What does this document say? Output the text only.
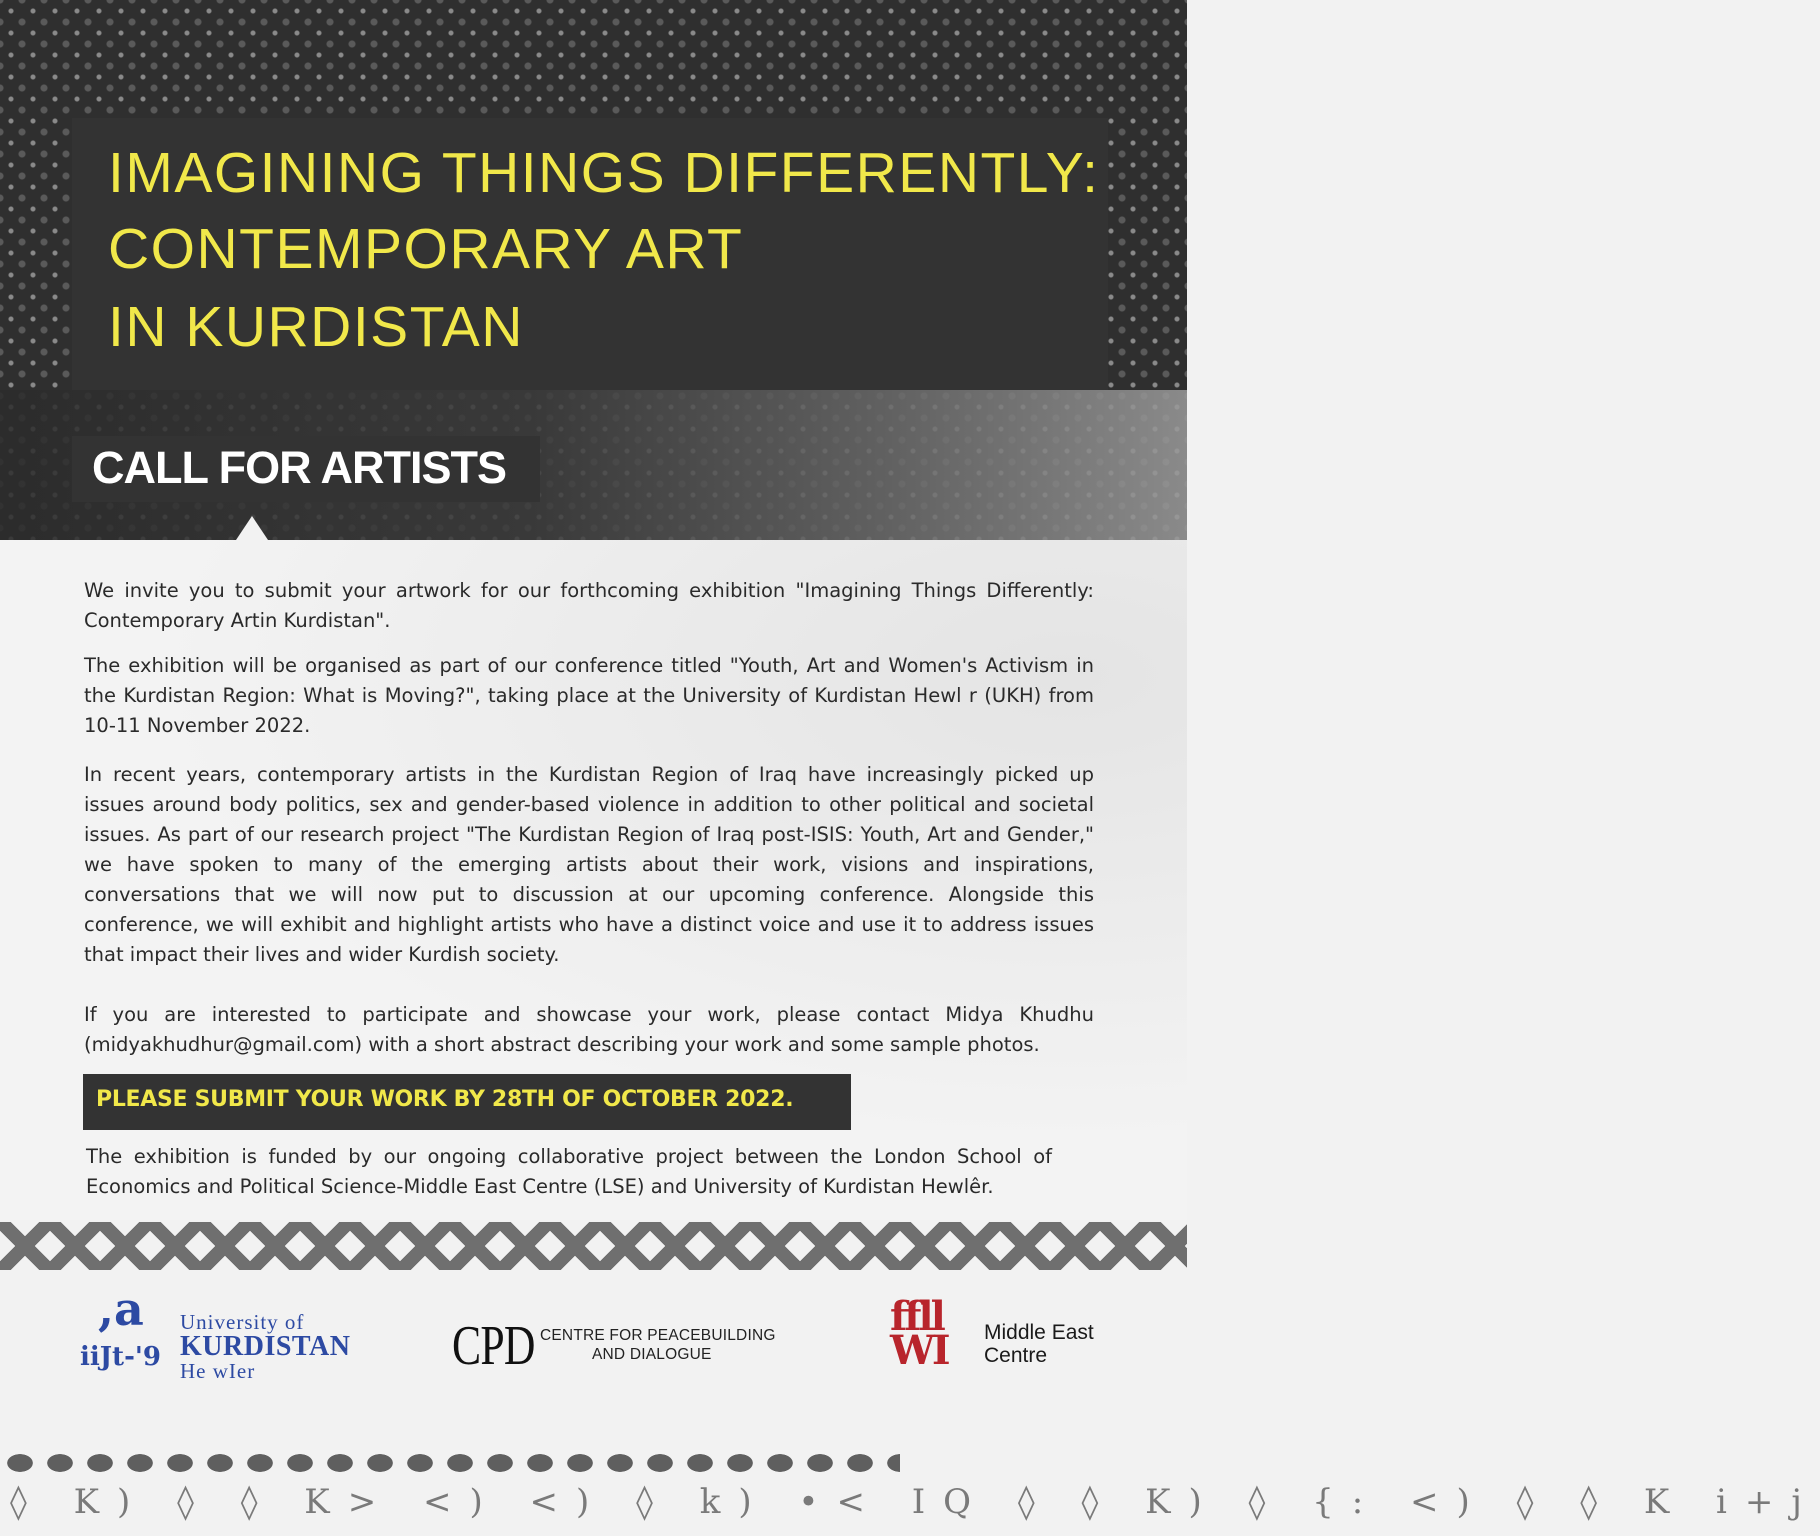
IMAGINING THINGS DIFFERENTLY:
CONTEMPORARY ART
IN KURDISTAN
CALL FOR ARTISTS

We invite you to submit your artwork for our forthcoming exhibition "Imagining Things Differently: Contemporary Artin Kurdistan".

The exhibition will be organised as part of our conference titled "Youth, Art and Women's Activism in the Kurdistan Region: What is Moving?", taking place at the University of Kurdistan Hewl r (UKH) from 10-11 November 2022.

In recent years, contemporary artists in the Kurdistan Region of Iraq have increasingly picked up issues around body politics, sex and gender-based violence in addition to other political and societal issues. As part of our research project "The Kurdistan Region of Iraq post-ISIS: Youth, Art and Gender," we have spoken to many of the emerging artists about their work, visions and inspirations, conversations that we will now put to discussion at our upcoming conference. Alongside this conference, we will exhibit and highlight artists who have a distinct voice and use it to address issues that impact their lives and wider Kurdish society.

If you are interested to participate and showcase your work, please contact Midya Khudhu (midyakhudhur@gmail.com) with a short abstract describing your work and some sample photos.

PLEASE SUBMIT YOUR WORK BY 28TH OF OCTOBER 2022.

The exhibition is funded by our ongoing collaborative project between the London School of Economics and Political Science-Middle East Centre (LSE) and University of Kurdistan Hewlêr.

,a
iiJt-'9
University of
KURDISTAN
He wIer	CPD CENTRE FOR PEACEBUILDING
AND DIALOGUE
ffll
WI Middle East
Centre
◊ K) ◊ ◊ K> <) <) ◊ k) •< IQ ◊ ◊ K) ◊ {: <) ◊ ◊ K i+j
